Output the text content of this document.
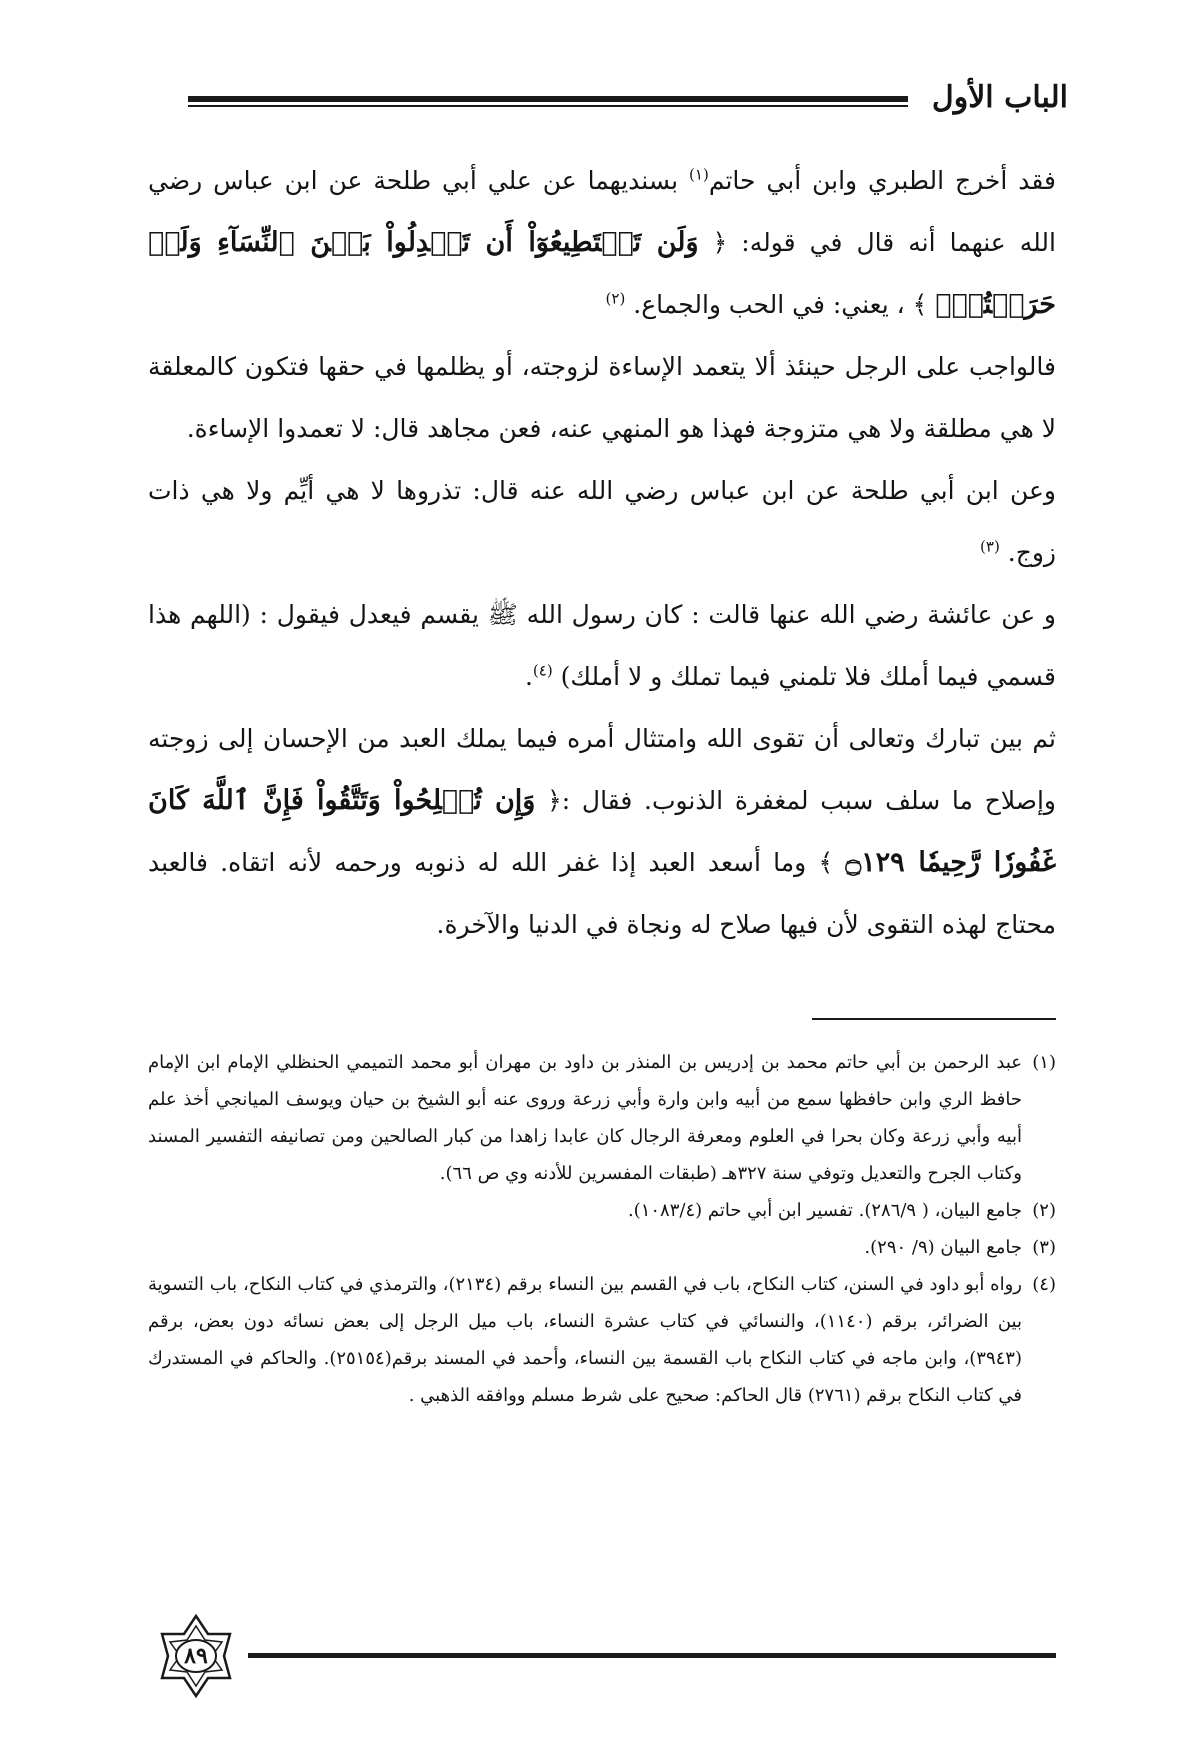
الباب الأول

فقد أخرج الطبري وابن أبي حاتم$^{(١)}$ بسنديهما عن علي أبي طلحة عن ابن عباس رضي الله عنهما أنه قال في قوله: ﴿ وَلَن تَسۡتَطِيعُوٓاْ أَن تَعۡدِلُواْ بَيۡنَ ٱلنِّسَآءِ وَلَوۡ حَرَصۡتُمۡۖ ﴾ ، يعني: في الحب والجماع. $^{(٢)}$

فالواجب على الرجل حينئذ ألا يتعمد الإساءة لزوجته، أو يظلمها في حقها فتكون كالمعلقة لا هي مطلقة ولا هي متزوجة فهذا هو المنهي عنه، فعن مجاهد قال: لا تعمدوا الإساءة.

وعن ابن أبي طلحة عن ابن عباس رضي الله عنه قال: تذروها لا هي أيِّم ولا هي ذات زوج. $^{(٣)}$

و عن عائشة رضي الله عنها قالت : كان رسول الله ﷺ يقسم فيعدل فيقول : (اللهم هذا قسمي فيما أملك فلا تلمني فيما تملك و لا أملك) $^{(٤)}$.

ثم بين تبارك وتعالى أن تقوى الله وامتثال أمره فيما يملك العبد من الإحسان إلى زوجته وإصلاح ما سلف سبب لمغفرة الذنوب. فقال :﴿ وَإِن تُصۡلِحُواْ وَتَتَّقُواْ فَإِنَّ ٱللَّهَ كَانَ غَفُورٗا رَّحِيمٗا ۝١٢٩ ﴾ وما أسعد العبد إذا غفر الله له ذنوبه ورحمه لأنه اتقاه. فالعبد محتاج لهذه التقوى لأن فيها صلاح له ونجاة في الدنيا والآخرة.

(١)
عبد الرحمن بن أبي حاتم محمد بن إدريس بن المنذر بن داود بن مهران أبو محمد التميمي الحنظلي الإمام ابن الإمام حافظ الري وابن حافظها سمع من أبيه وابن وارة وأبي زرعة وروى عنه أبو الشيخ بن حيان ويوسف الميانجي أخذ علم أبيه وأبي زرعة وكان بحرا في العلوم ومعرفة الرجال كان عابدا زاهدا من كبار الصالحين ومن تصانيفه التفسير المسند وكتاب الجرح والتعديل وتوفي سنة ٣٢٧هـ (طبقات المفسرين للأدنه وي ص ٦٦).

(٢)
جامع البيان، ( ٢٨٦/٩). تفسير ابن أبي حاتم (١٠٨٣/٤).

(٣)
جامع البيان (٩/ ٢٩٠).

(٤)
رواه أبو داود في السنن، كتاب النكاح، باب في القسم بين النساء برقم (٢١٣٤)، والترمذي في كتاب النكاح، باب التسوية بين الضرائر، برقم (١١٤٠)، والنسائي في كتاب عشرة النساء، باب ميل الرجل إلى بعض نسائه دون بعض، برقم (٣٩٤٣)، وابن ماجه في كتاب النكاح باب القسمة بين النساء، وأحمد في المسند برقم(٢٥١٥٤). والحاكم في المستدرك في كتاب النكاح برقم (٢٧٦١) قال الحاكم: صحيح على شرط مسلم ووافقه الذهبي .

٨٩
